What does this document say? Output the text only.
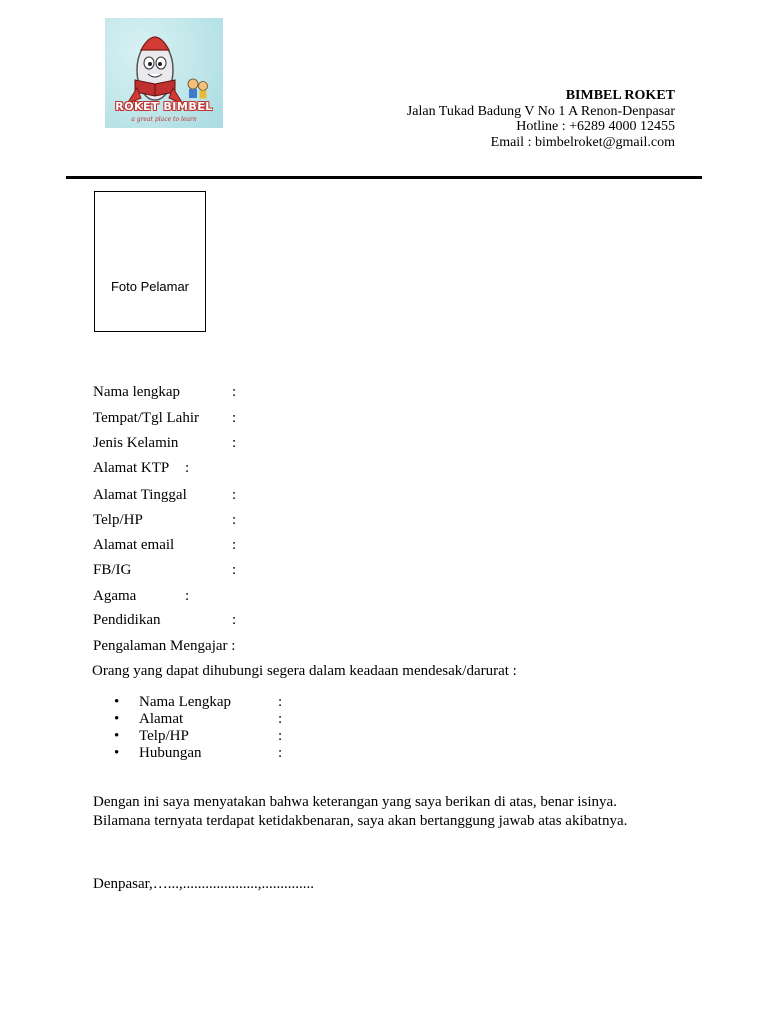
ROKET BIMBEL
a great place to learn
BIMBEL ROKET
Jalan Tukad Badung V No 1 A Renon-Denpasar
Hotline : +6289 4000 12455
Email : bimbelroket@gmail.com
Foto Pelamar
Nama lengkap	:
Tempat/Tgl Lahir :
Jenis Kelamin	:
Alamat KTP :
Alamat Tinggal	:
Telp/HP	:
Alamat email	:
FB/IG	:
Agama	:
Pendidikan	:
Pengalaman Mengajar :
Orang yang dapat dihubungi segera dalam keadaan mendesak/darurat :
• Nama Lengkap	:
• Alamat	:
• Telp/HP	:
• Hubungan	:
Dengan ini saya menyatakan bahwa keterangan yang saya berikan di atas, benar isinya.
Bilamana ternyata terdapat ketidakbenaran, saya akan bertanggung jawab atas akibatnya.
Denpasar,…...,....................,..............
